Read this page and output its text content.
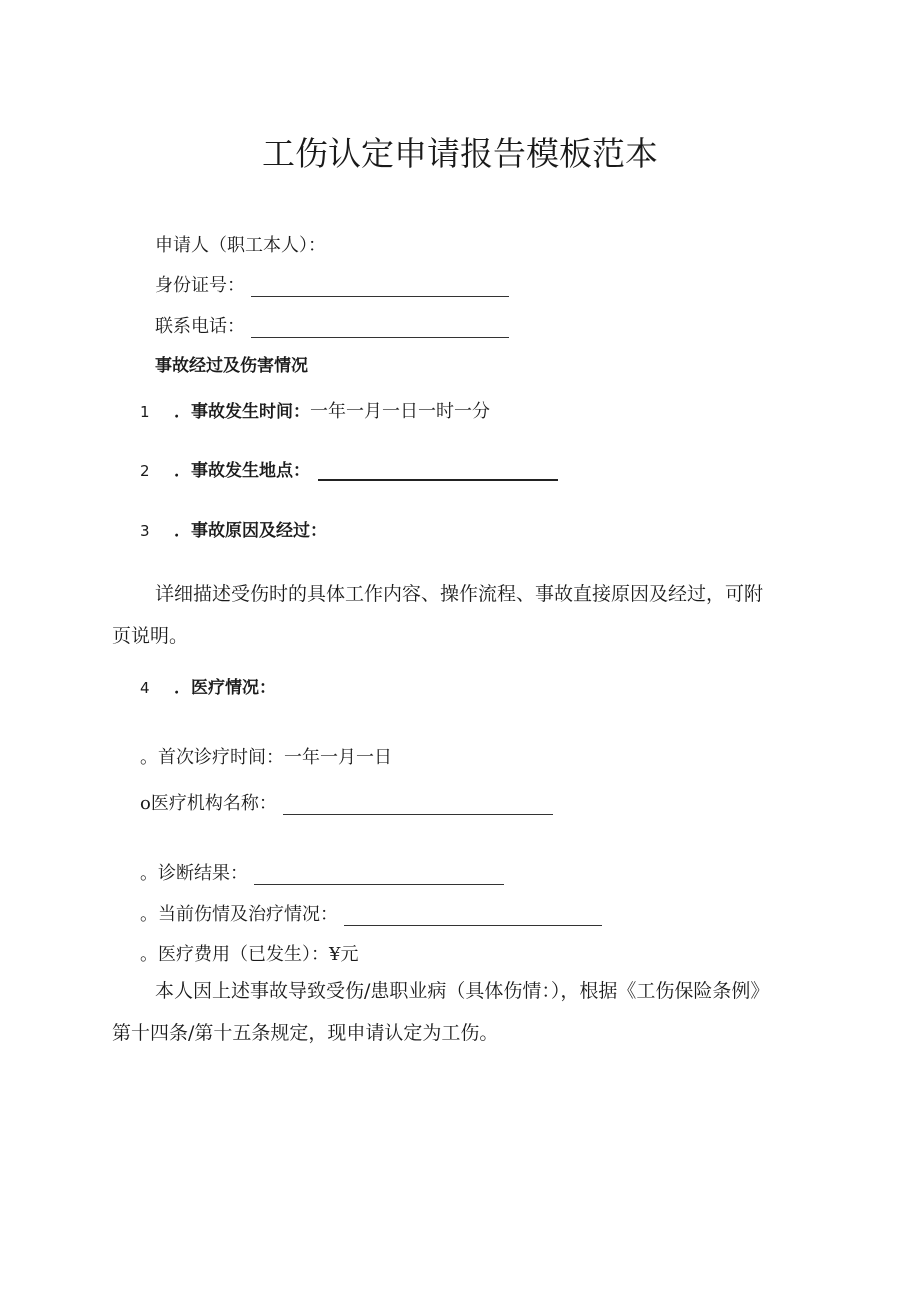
工伤认定申请报告模板范本
申请人（职工本人）：
身份证号：
联系电话：
事故经过及伤害情况
1 ．事故发生时间：一年一月一日一时一分
2 ．事故发生地点：
3 ．事故原因及经过：
详细描述受伤时的具体工作内容、操作流程、事故直接原因及经过，可附
页说明。
4 ．医疗情况：
。首次诊疗时间：一年一月一日
o医疗机构名称：
。诊断结果：
。当前伤情及治疗情况：
。医疗费用（已发生）：¥元
本人因上述事故导致受伤/患职业病（具体伤情：），根据《工伤保险条例》
第十四条/第十五条规定，现申请认定为工伤。
